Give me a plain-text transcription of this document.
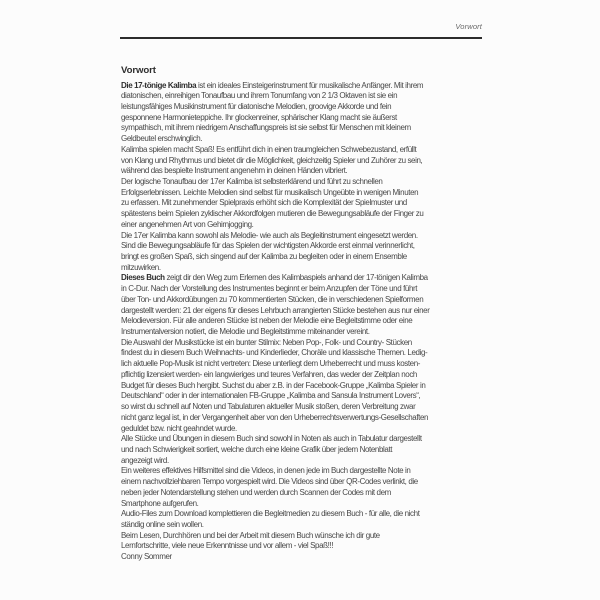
Vorwort
Vorwort
Die 17-tönige Kalimba ist ein ideales Einsteigerinstrument für musikalische Anfänger. Mit ihrem
diatonischen, einreihigen Tonaufbau und ihrem Tonumfang von 2 1/3 Oktaven ist sie ein
leistungsfähiges Musikinstrument für diatonische Melodien, groovige Akkorde und fein
gesponnene Harmonieteppiche. Ihr glockenreiner, sphärischer Klang macht sie äußerst
sympathisch, mit ihrem niedrigem Anschaffungspreis ist sie selbst für Menschen mit kleinem
Geldbeutel erschwinglich.
Kalimba spielen macht Spaß! Es entführt dich in einen traumgleichen Schwebezustand, erfüllt
von Klang und Rhythmus und bietet dir die Möglichkeit, gleichzeitig Spieler und Zuhörer zu sein,
während das bespielte Instrument angenehm in deinen Händen vibriert.
Der logische Tonaufbau der 17er Kalimba ist selbsterklärend und führt zu schnellen
Erfolgserlebnissen. Leichte Melodien sind selbst für musikalisch Ungeübte in wenigen Minuten
zu erfassen. Mit zunehmender Spielpraxis erhöht sich die Komplexität der Spielmuster und
spätestens beim Spielen zyklischer Akkordfolgen mutieren die Bewegungsabläufe der Finger zu
einer angenehmen Art von Gehirnjogging.
Die 17er Kalimba kann sowohl als Melodie- wie auch als Begleitinstrument eingesetzt werden.
Sind die Bewegungsabläufe für das Spielen der wichtigsten Akkorde erst einmal verinnerlicht,
bringt es großen Spaß, sich singend auf der Kalimba zu begleiten oder in einem Ensemble
mitzuwirken.
Dieses Buch zeigt dir den Weg zum Erlernen des Kalimbaspiels anhand der 17-tönigen Kalimba
in C-Dur. Nach der Vorstellung des Instrumentes beginnt er beim Anzupfen der Töne und führt
über Ton- und Akkordübungen zu 70 kommentierten Stücken, die in verschiedenen Spielformen
dargestellt werden: 21 der eigens für dieses Lehrbuch arrangierten Stücke bestehen aus nur einer
Melodieversion. Für alle anderen Stücke ist neben der Melodie eine Begleitstimme oder eine
Instrumentalversion notiert, die Melodie und Begleitstimme miteinander vereint.
Die Auswahl der Musikstücke ist ein bunter Stilmix: Neben Pop-, Folk- und Country- Stücken
findest du in diesem Buch Weihnachts- und Kinderlieder, Choräle und klassische Themen. Ledig-
lich aktuelle Pop-Musik ist nicht vertreten: Diese unterliegt dem Urheberrecht und muss kosten-
pflichtig lizensiert werden- ein langwieriges und teures Verfahren, das weder der Zeitplan noch
Budget für dieses Buch hergibt. Suchst du aber z.B. in der Facebook-Gruppe „Kalimba Spieler in
Deutschland“ oder in der internationalen FB-Gruppe „Kalimba and Sansula Instrument Lovers“,
so wirst du schnell auf Noten und Tabulaturen aktueller Musik stoßen, deren Verbreitung zwar
nicht ganz legal ist, in der Vergangenheit aber von den Urheberrechtsverwertungs-Gesellschaften
geduldet bzw. nicht geahndet wurde.
Alle Stücke und Übungen in diesem Buch sind sowohl in Noten als auch in Tabulatur dargestellt
und nach Schwierigkeit sortiert, welche durch eine kleine Grafik über jedem Notenblatt
angezeigt wird.
Ein weiteres effektives Hilfsmittel sind die Videos, in denen jede im Buch dargestellte Note in
einem nachvollziehbaren Tempo vorgespielt wird. Die Videos sind über QR-Codes verlinkt, die
neben jeder Notendarstellung stehen und werden durch Scannen der Codes mit dem
Smartphone aufgerufen.
Audio-Files zum Download komplettieren die Begleitmedien zu diesem Buch - für alle, die nicht
ständig online sein wollen.
Beim Lesen, Durchhören und bei der Arbeit mit diesem Buch wünsche ich dir gute
Lernfortschritte, viele neue Erkenntnisse und vor allem - viel Spaß!!!
Conny Sommer
